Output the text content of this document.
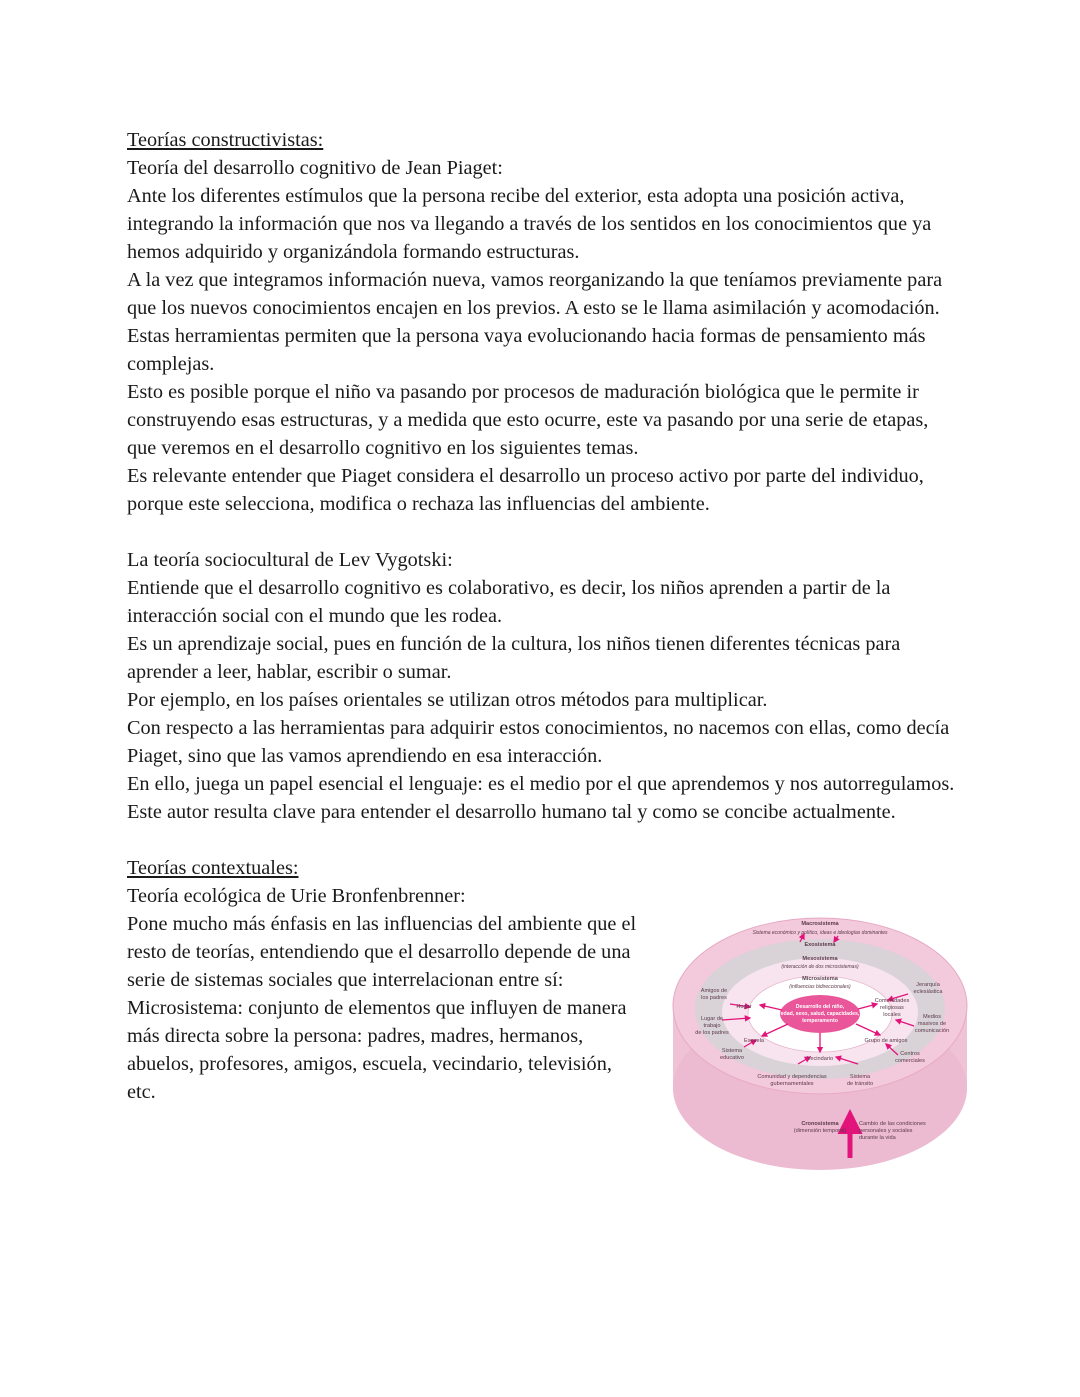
Teorías constructivistas:

Teoría del desarrollo cognitivo de Jean Piaget:

Ante los diferentes estímulos que la persona recibe del exterior, esta adopta una posición activa, integrando la información que nos va llegando a través de los sentidos en los conocimientos que ya hemos adquirido y organizándola formando estructuras.

A la vez que integramos información nueva, vamos reorganizando la que teníamos previamente para que los nuevos conocimientos encajen en los previos. A esto se le llama asimilación y acomodación.

Estas herramientas permiten que la persona vaya evolucionando hacia formas de pensamiento más complejas.

Esto es posible porque el niño va pasando por procesos de maduración biológica que le permite ir construyendo esas estructuras, y a medida que esto ocurre, este va pasando por una serie de etapas, que veremos en el desarrollo cognitivo en los siguientes temas.

Es relevante entender que Piaget considera el desarrollo un proceso activo por parte del individuo, porque este selecciona, modifica o rechaza las influencias del ambiente.

La teoría sociocultural de Lev Vygotski:

Entiende que el desarrollo cognitivo es colaborativo, es decir, los niños aprenden a partir de la interacción social con el mundo que les rodea.

Es un aprendizaje social, pues en función de la cultura, los niños tienen diferentes técnicas para aprender a leer, hablar, escribir o sumar.

Por ejemplo, en los países orientales se utilizan otros métodos para multiplicar.

Con respecto a las herramientas para adquirir estos conocimientos, no nacemos con ellas, como decía Piaget, sino que las vamos aprendiendo en esa interacción.

En ello, juega un papel esencial el lenguaje: es el medio por el que aprendemos y nos autorregulamos.

Este autor resulta clave para entender el desarrollo humano tal y como se concibe actualmente.

Teorías contextuales:

Teoría ecológica de Urie Bronfenbrenner:

Pone mucho más énfasis en las influencias del ambiente que el resto de teorías, entendiendo que el desarrollo depende de una serie de sistemas sociales que interrelacionan entre sí:

Microsistema: conjunto de elementos que influyen de manera más directa sobre la persona: padres, madres, hermanos, abuelos, profesores, amigos, escuela, vecindario, televisión, etc.

Macrosistema
Sistema económico y político, ideas e ideologías dominantes
Exosistema
Mesosistema
(interacción de dos microsistemas)
Microsistema
(influencias bidireccionales)
Desarrollo del niño,
edad, sexo, salud, capacidades,
temperamento
Hogar
Escuela
Vecindario
Grupo de amigos
Comunidades
religiosas
locales
Amigos de
los padres
Lugar de
trabajo
de los padres
Sistema
educativo
Comunidad y dependencias
gubernamentales
Sistema
de tránsito
Centros
comerciales
Medios
masivos de
comunicación
Jerarquía
eclesiástica
Cronosistema
(dimensión temporal)
Cambio de las condiciones
personales y sociales
durante la vida
